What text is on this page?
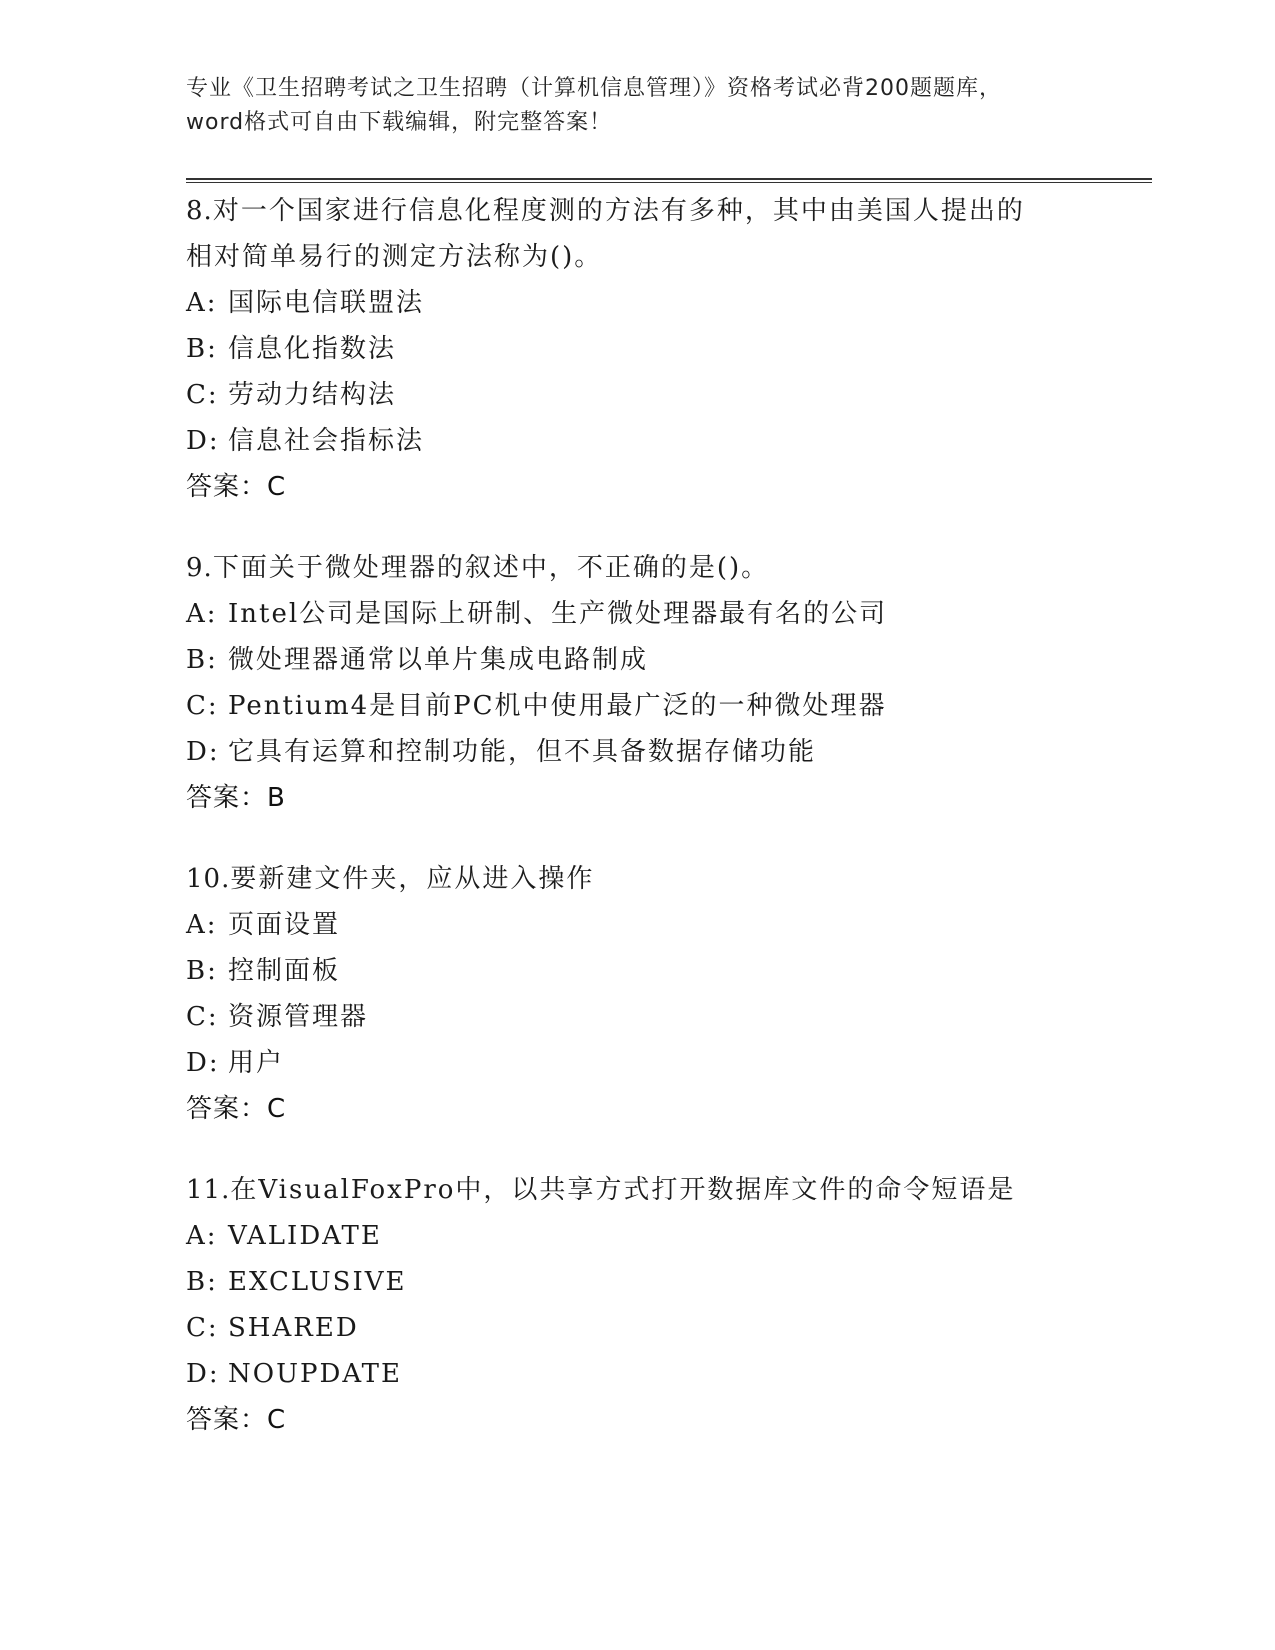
专业《卫生招聘考试之卫生招聘（计算机信息管理）》资格考试必背200题题库，
word格式可自由下载编辑，附完整答案！
8.对一个国家进行信息化程度测的方法有多种，其中由美国人提出的
相对简单易行的测定方法称为()。
A: 国际电信联盟法
B: 信息化指数法
C: 劳动力结构法
D: 信息社会指标法
答案：C
9.下面关于微处理器的叙述中，不正确的是()。
A: Intel公司是国际上研制、生产微处理器最有名的公司
B: 微处理器通常以单片集成电路制成
C: Pentium4是目前PC机中使用最广泛的一种微处理器
D: 它具有运算和控制功能，但不具备数据存储功能
答案：B
10.要新建文件夹，应从进入操作
A: 页面设置
B: 控制面板
C: 资源管理器
D: 用户
答案：C
11.在VisualFoxPro中，以共享方式打开数据库文件的命令短语是
A: VALIDATE
B: EXCLUSIVE
C: SHARED
D: NOUPDATE
答案：C
